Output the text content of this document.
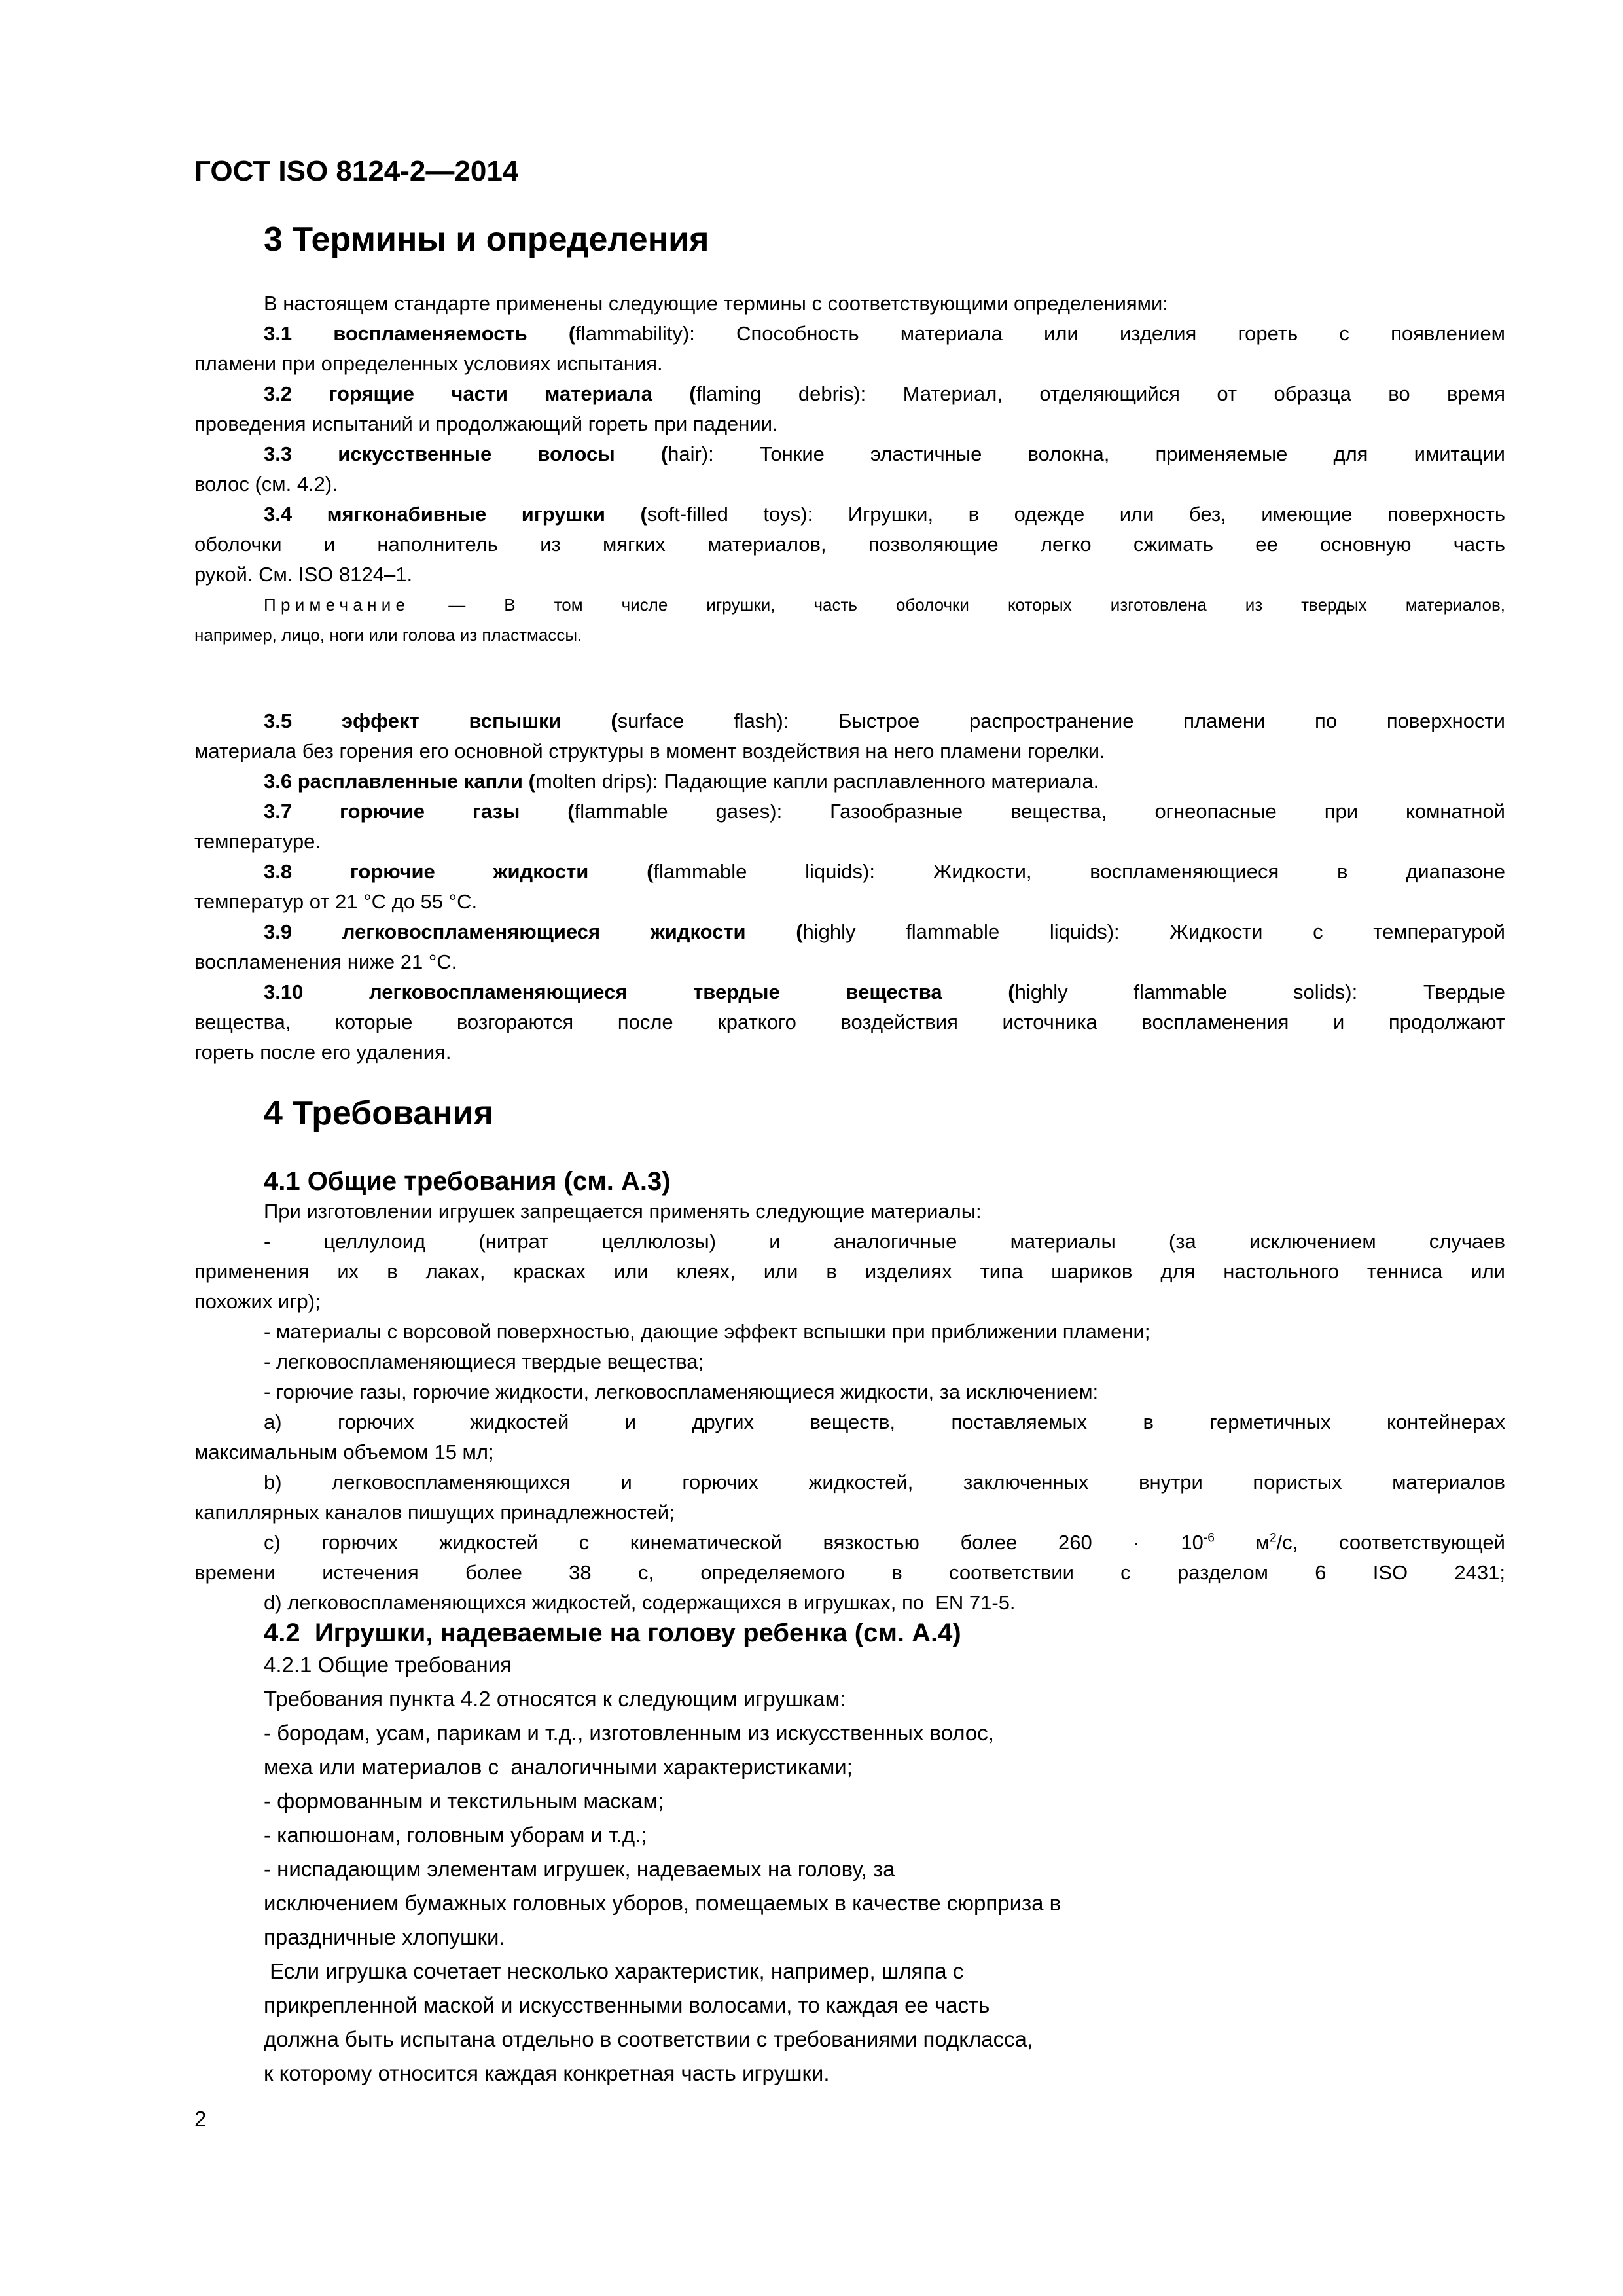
ГОСТ ISO 8124-2—2014
3 Термины и определения
В настоящем стандарте применены следующие термины с соответствующими определениями:
3.1 воспламеняемость (flammability): Способность материала или изделия гореть с появлением
пламени при определенных условиях испытания.
3.2 горящие части материала (flaming debris): Материал, отделяющийся от образца во время
проведения испытаний и продолжающий гореть при падении.
3.3 искусственные волосы (hair): Тонкие эластичные волокна, применяемые для имитации
волос (см. 4.2).
3.4 мягконабивные игрушки (soft-filled toys): Игрушки, в одежде или без, имеющие поверхность
оболочки и наполнитель из мягких материалов, позволяющие легко сжимать ее основную часть
рукой. См. ISO 8124–1.
Примечание — В том числе игрушки, часть оболочки которых изготовлена из твердых материалов,
например, лицо, ноги или голова из пластмассы.
3.5 эффект вспышки (surface flash): Быстрое распространение пламени по поверхности
материала без горения его основной структуры в момент воздействия на него пламени горелки.
3.6 расплавленные капли (molten drips): Падающие капли расплавленного материала.
3.7 горючие газы (flammable gases): Газообразные вещества, огнеопасные при комнатной
температуре.
3.8 горючие жидкости (flammable liquids): Жидкости, воспламеняющиеся в диапазоне
температур от 21 °С до 55 °С.
3.9 легковоспламеняющиеся жидкости (highly flammable liquids): Жидкости с температурой
воспламенения ниже 21 °С.
3.10 легковоспламеняющиеся твердые вещества (highly flammable solids): Твердые
вещества, которые возгораются после краткого воздействия источника воспламенения и продолжают
гореть после его удаления.
4 Требования
4.1 Общие требования (см. А.3)
При изготовлении игрушек запрещается применять следующие материалы:
- целлулоид (нитрат целлюлозы) и аналогичные материалы (за исключением случаев
применения их в лаках, красках или клеях, или в изделиях типа шариков для настольного тенниса или
похожих игр);
- материалы с ворсовой поверхностью, дающие эффект вспышки при приближении пламени;
- легковоспламеняющиеся твердые вещества;
- горючие газы, горючие жидкости, легковоспламеняющиеся жидкости, за исключением:
a) горючих жидкостей и других веществ, поставляемых в герметичных контейнерах
максимальным объемом 15 мл;
b) легковоспламеняющихся и горючих жидкостей, заключенных внутри пористых материалов
капиллярных каналов пишущих принадлежностей;
c) горючих жидкостей с кинематической вязкостью более $260 \cdot 10^{-6}$ $м^2/с$, соответствующей
времени истечения более 38 с, определяемого в соответствии с разделом 6 ISO 2431;
d) легковоспламеняющихся жидкостей, содержащихся в игрушках, по  EN 71-5.
4.2  Игрушки, надеваемые на голову ребенка (см. А.4)
4.2.1 Общие требования
Требования пункта 4.2 относятся к следующим игрушкам:
- бородам, усам, парикам и т.д., изготовленным из искусственных волос,
меха или материалов с  аналогичными характеристиками;
- формованным и текстильным маскам;
- капюшонам, головным уборам и т.д.;
- ниспадающим элементам игрушек, надеваемых на голову, за
исключением бумажных головных уборов, помещаемых в качестве сюрприза в
праздничные хлопушки.
Если игрушка сочетает несколько характеристик, например, шляпа с
прикрепленной маской и искусственными волосами, то каждая ее часть
должна быть испытана отдельно в соответствии с требованиями подкласса,
к которому относится каждая конкретная часть игрушки.
2
